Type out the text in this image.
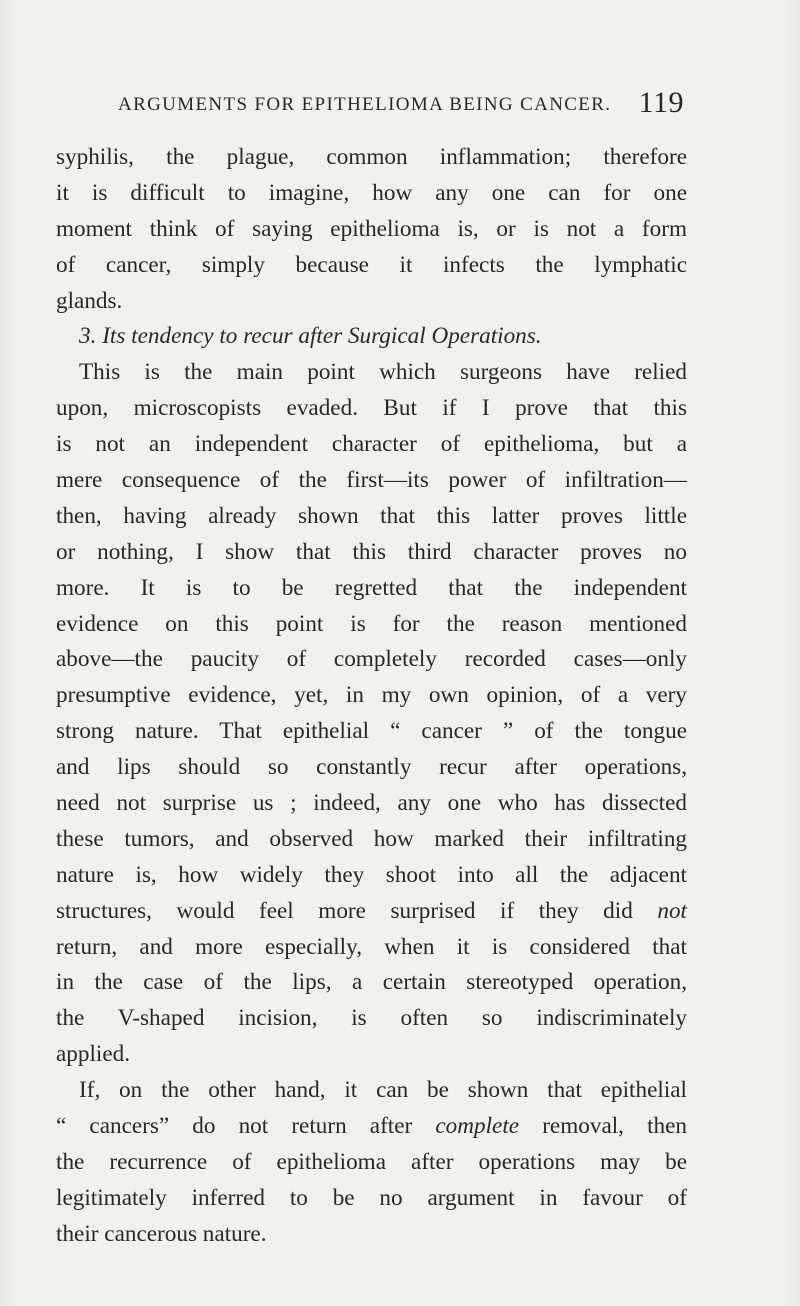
ARGUMENTS FOR EPITHELIOMA BEING CANCER. 119
syphilis, the plague, common inflammation; therefore
it is difficult to imagine, how any one can for one
moment think of saying epithelioma is, or is not a form
of cancer, simply because it infects the lymphatic
glands.
3. Its tendency to recur after Surgical Operations.
This is the main point which surgeons have relied
upon, microscopists evaded. But if I prove that this
is not an independent character of epithelioma, but a
mere consequence of the first—its power of infiltration—
then, having already shown that this latter proves little
or nothing, I show that this third character proves no
more. It is to be regretted that the independent
evidence on this point is for the reason mentioned
above—the paucity of completely recorded cases—only
presumptive evidence, yet, in my own opinion, of a very
strong nature. That epithelial “ cancer ” of the tongue
and lips should so constantly recur after operations,
need not surprise us ; indeed, any one who has dissected
these tumors, and observed how marked their infiltrating
nature is, how widely they shoot into all the adjacent
structures, would feel more surprised if they did not
return, and more especially, when it is considered that
in the case of the lips, a certain stereotyped operation,
the V-shaped incision, is often so indiscriminately
applied.
If, on the other hand, it can be shown that epithelial
“ cancers” do not return after complete removal, then
the recurrence of epithelioma after operations may be
legitimately inferred to be no argument in favour of
their cancerous nature.
